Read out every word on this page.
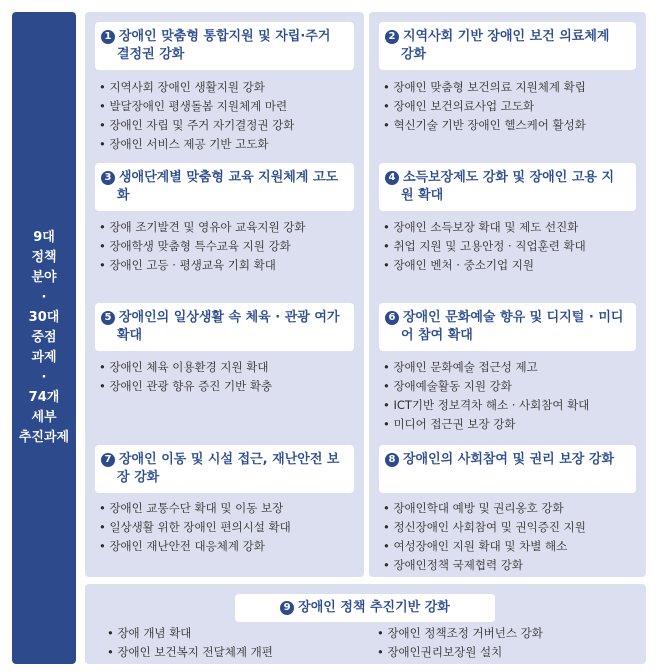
9대
정책
분야
·
30대
중점
과제
·
74개
세부
추진과제
1 장애인 맞춤형 통합지원 및 자립·주거 결정권 강화
• 지역사회 장애인 생활지원 강화
• 발달장애인 평생돌봄 지원체계 마련
• 장애인 자립 및 주거 자기결정권 강화
• 장애인 서비스 제공 기반 고도화
3 생애단계별 맞춤형 교육 지원체계 고도화
• 장애 조기발견 및 영유아 교육지원 강화
• 장애학생 맞춤형 특수교육 지원 강화
• 장애인 고등 · 평생교육 기회 확대
5 장애인의 일상생활 속 체육 · 관광 여가 확대
• 장애인 체육 이용환경 지원 확대
• 장애인 관광 향유 증진 기반 확충
7 장애인 이동 및 시설 접근, 재난안전 보장 강화
• 장애인 교통수단 확대 및 이동 보장
• 일상생활 위한 장애인 편의시설 확대
• 장애인 재난안전 대응체계 강화
2 지역사회 기반 장애인 보건 의료체계 강화
• 장애인 맞춤형 보건의료 지원체계 확립
• 장애인 보건의료사업 고도화
• 혁신기술 기반 장애인 헬스케어 활성화
4 소득보장제도 강화 및 장애인 고용 지원 확대
• 장애인 소득보장 확대 및 제도 선진화
• 취업 지원 및 고용안정 · 직업훈련 확대
• 장애인 벤처 · 중소기업 지원
6 장애인 문화예술 향유 및 디지털 · 미디어 참여 확대
• 장애인 문화예술 접근성 제고
• 장애예술활동 지원 강화
• ICT기반 정보격차 해소 · 사회참여 확대
• 미디어 접근권 보장 강화
8 장애인의 사회참여 및 권리 보장 강화
• 장애인학대 예방 및 권리옹호 강화
• 정신장애인 사회참여 및 권익증진 지원
• 여성장애인 지원 확대 및 차별 해소
• 장애인정책 국제협력 강화
9 장애인 정책 추진기반 강화
• 장애 개념 확대
• 장애인 보건복지 전달체계 개편
• 장애인 정책조정 거버넌스 강화
• 장애인권리보장원 설치
